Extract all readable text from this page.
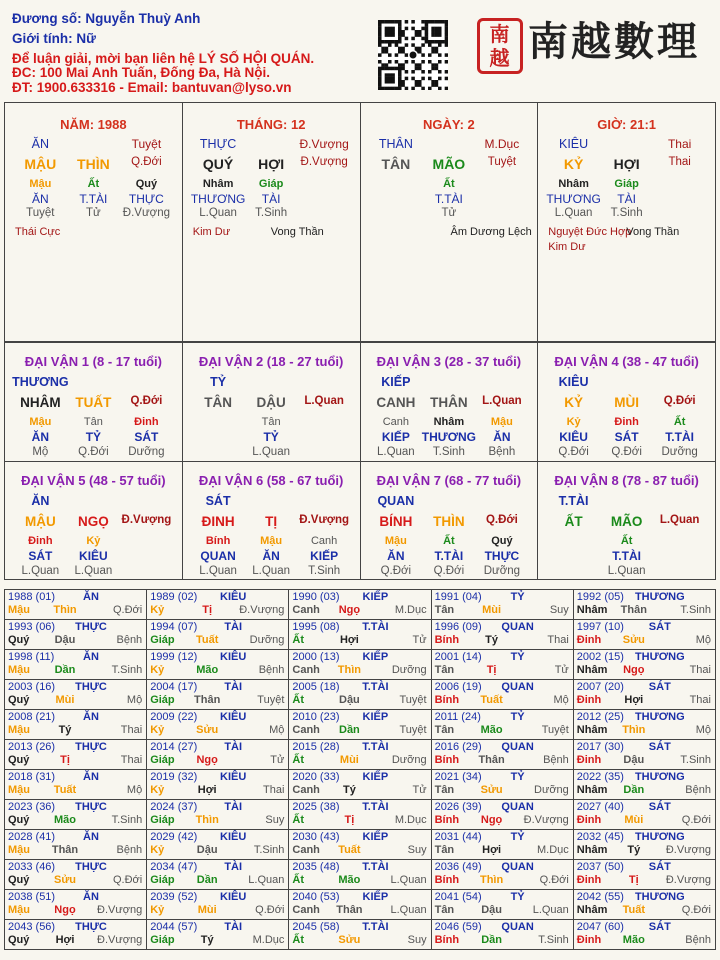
Đương số: Nguyễn Thuỳ Anh
Giới tính: Nữ
Để luận giải, mời bạn liên hệ LÝ SỐ HỘI QUÁN.
ĐC: 100 Mai Anh Tuấn, Đống Đa, Hà Nội.
ĐT: 1900.633316 - Email: bantuvan@lyso.vn
南
越 南越數理
NĂM: 1988
ĂN	Tuyệt
MẬU THÌN Q.Đới
Mậu	Ất	Quý
ĂN	T.TÀI THỰC
Tuyệt	Tử Đ.Vượng
Thái Cực
THÁNG: 12
THỰC	Đ.Vượng
QUÝ HỢI Đ.Vượng
Nhâm Giáp
THƯƠNG TÀI
L.Quan T.Sinh
Kim Dư	Vong Thần
NGÀY: 2
THÂN	M.Dục
TÂN MÃO Tuyệt
Ất
T.TÀI
Tử
Âm Dương Lệch
GIỜ: 21:1
KIÊU	Thai
KỶ HỢI	Thai
Nhâm Giáp
THƯƠNG TÀI
L.Quan T.Sinh
Nguyệt Đức Hợp
Vong Thần
Kim Dư
ĐẠI VẬN 1 (8 - 17 tuổi)
THƯƠNG
NHÂM TUẤT Q.Đới
Mậu	Tân	Đinh
ĂN	TỶ	SÁT
Mộ	Q.Đới Dưỡng
ĐẠI VẬN 2 (18 - 27 tuổi)
TỶ
TÂN DẬU L.Quan
Tân
TỶ
L.Quan
ĐẠI VẬN 3 (28 - 37 tuổi)
KIẾP
CANH THÂN L.Quan
Canh Nhâm Mậu
KIẾP THƯƠNG ĂN
L.Quan T.Sinh Bệnh
ĐẠI VẬN 4 (38 - 47 tuổi)
KIÊU
KỶ MÙI Q.Đới
Kỷ	Đinh	Ất
KIÊU SÁT T.TÀI
Q.Đới Q.Đới Dưỡng
ĐẠI VẬN 5 (48 - 57 tuổi)
ĂN
MẬU NGỌ Đ.Vượng
Đinh	Kỷ
SÁT KIÊU
L.Quan L.Quan
ĐẠI VẬN 6 (58 - 67 tuổi)
SÁT
ĐINH TỊ Đ.Vượng
Bính	Mậu	Canh
QUAN ĂN	KIẾP
L.Quan L.Quan T.Sinh
ĐẠI VẬN 7 (68 - 77 tuổi)
QUAN
BÍNH THÌN Q.Đới
Mậu	Ất	Quý
ĂN	T.TÀI THỰC
Q.Đới Q.Đới Dưỡng
ĐẠI VẬN 8 (78 - 87 tuổi)
T.TÀI
ẤT MÃO L.Quan
Ất
T.TÀI
L.Quan
1988 (01)	ĂN
Mậu Thìn	Q.Đới
1989 (02) KIÊU
Kỷ	Tị Đ.Vượng
1990 (03) KIẾP
Canh Ngọ	M.Dục
1991 (04)	TỶ
Tân	Mùi	Suy
1992 (05) THƯƠNG
Nhâm Thân	T.Sinh
1993 (06) THỰC
Quý Dậu	Bệnh
1994 (07) TÀI
Giáp Tuất	Dưỡng
1995 (08) T.TÀI
Ất	Hợi	Tử
1996 (09) QUAN
Bính Tý	Thai
1997 (10) SÁT
Đinh Sửu	Mộ
1998 (11)	ĂN
Mậu Dần	T.Sinh
1999 (12) KIÊU
Kỷ	Mão	Bệnh
2000 (13) KIẾP
Canh Thìn	Dưỡng
2001 (14)	TỶ
Tân	Tị	Tử
2002 (15) THƯƠNG
Nhâm Ngọ	Thai
2003 (16) THỰC
Quý Mùi	Mộ
2004 (17) TÀI
Giáp Thân	Tuyệt
2005 (18) T.TÀI
Ất	Dậu	Tuyệt
2006 (19) QUAN
Bính Tuất	Mộ
2007 (20) SÁT
Đinh Hợi	Thai
2008 (21)	ĂN
Mậu	Tý	Thai
2009 (22) KIÊU
Kỷ	Sửu	Mộ
2010 (23) KIẾP
Canh Dần	Tuyệt
2011 (24)	TỶ
Tân Mão	Tuyệt
2012 (25) THƯƠNG
Nhâm Thìn	Mộ
2013 (26) THỰC
Quý	Tị	Thai
2014 (27) TÀI
Giáp Ngọ	Tử
2015 (28) T.TÀI
Ất	Mùi	Dưỡng
2016 (29) QUAN
Bính Thân	Bệnh
2017 (30) SÁT
Đinh Dậu	T.Sinh
2018 (31)	ĂN
Mậu Tuất	Mộ
2019 (32) KIÊU
Kỷ	Hợi	Thai
2020 (33) KIẾP
Canh Tý	Tử
2021 (34)	TỶ
Tân Sửu	Dưỡng
2022 (35) THƯƠNG
Nhâm Dần	Bệnh
2023 (36) THỰC
Quý Mão	T.Sinh
2024 (37) TÀI
Giáp Thìn	Suy
2025 (38) T.TÀI
Ất	Tị	M.Dục
2026 (39) QUAN
Bính Ngọ Đ.Vượng
2027 (40) SÁT
Đinh Mùi	Q.Đới
2028 (41)	ĂN
Mậu Thân	Bệnh
2029 (42) KIÊU
Kỷ	Dậu	T.Sinh
2030 (43) KIẾP
Canh Tuất	Suy
2031 (44)	TỶ
Tân	Hợi	M.Dục
2032 (45) THƯƠNG
Nhâm Tý Đ.Vượng
2033 (46) THỰC
Quý Sửu	Q.Đới
2034 (47) TÀI
Giáp Dần	L.Quan
2035 (48) T.TÀI
Ất	Mão	L.Quan
2036 (49) QUAN
Bính Thìn	Q.Đới
2037 (50) SÁT
Đinh	Tị Đ.Vượng
2038 (51)	ĂN
Mậu Ngọ Đ.Vượng
2039 (52) KIÊU
Kỷ	Mùi	Q.Đới
2040 (53) KIẾP
Canh Thân	L.Quan
2041 (54)	TỶ
Tân Dậu	L.Quan
2042 (55) THƯƠNG
Nhâm Tuất	Q.Đới
2043 (56) THỰC
Quý Hợi Đ.Vượng
2044 (57) TÀI
Giáp Tý	M.Dục
2045 (58) T.TÀI
Ất	Sửu	Suy
2046 (59) QUAN
Bính Dần	T.Sinh
2047 (60) SÁT
Đinh Mão	Bệnh
